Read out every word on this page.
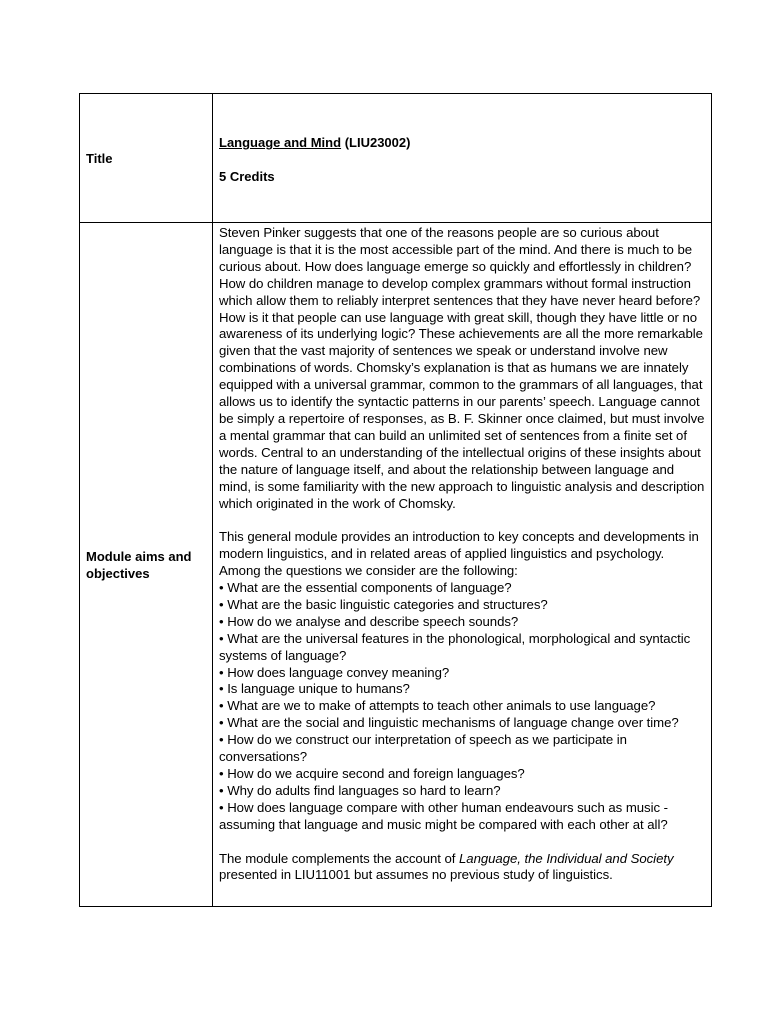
Title

Language and Mind (LIU23002)

5 Credits

Module aims and objectives

Steven Pinker suggests that one of the reasons people are so curious about language is that it is the most accessible part of the mind. And there is much to be curious about. How does language emerge so quickly and effortlessly in children? How do children manage to develop complex grammars without formal instruction which allow them to reliably interpret sentences that they have never heard before? How is it that people can use language with great skill, though they have little or no awareness of its underlying logic? These achievements are all the more remarkable given that the vast majority of sentences we speak or understand involve new combinations of words. Chomsky’s explanation is that as humans we are innately equipped with a universal grammar, common to the grammars of all languages, that allows us to identify the syntactic patterns in our parents’ speech. Language cannot be simply a repertoire of responses, as B. F. Skinner once claimed, but must involve a mental grammar that can build an unlimited set of sentences from a finite set of words. Central to an understanding of the intellectual origins of these insights about the nature of language itself, and about the relationship between language and mind, is some familiarity with the new approach to linguistic analysis and description which originated in the work of Chomsky.

This general module provides an introduction to key concepts and developments in modern linguistics, and in related areas of applied linguistics and psychology. Among the questions we consider are the following:

• What are the essential components of language?
• What are the basic linguistic categories and structures?
• How do we analyse and describe speech sounds?
• What are the universal features in the phonological, morphological and syntactic systems of language?
• How does language convey meaning?
• Is language unique to humans?
• What are we to make of attempts to teach other animals to use language?
• What are the social and linguistic mechanisms of language change over time?
• How do we construct our interpretation of speech as we participate in conversations?
• How do we acquire second and foreign languages?
• Why do adults find languages so hard to learn?
• How does language compare with other human endeavours such as music - assuming that language and music might be compared with each other at all?

The module complements the account of Language, the Individual and Society presented in LIU11001 but assumes no previous study of linguistics.
